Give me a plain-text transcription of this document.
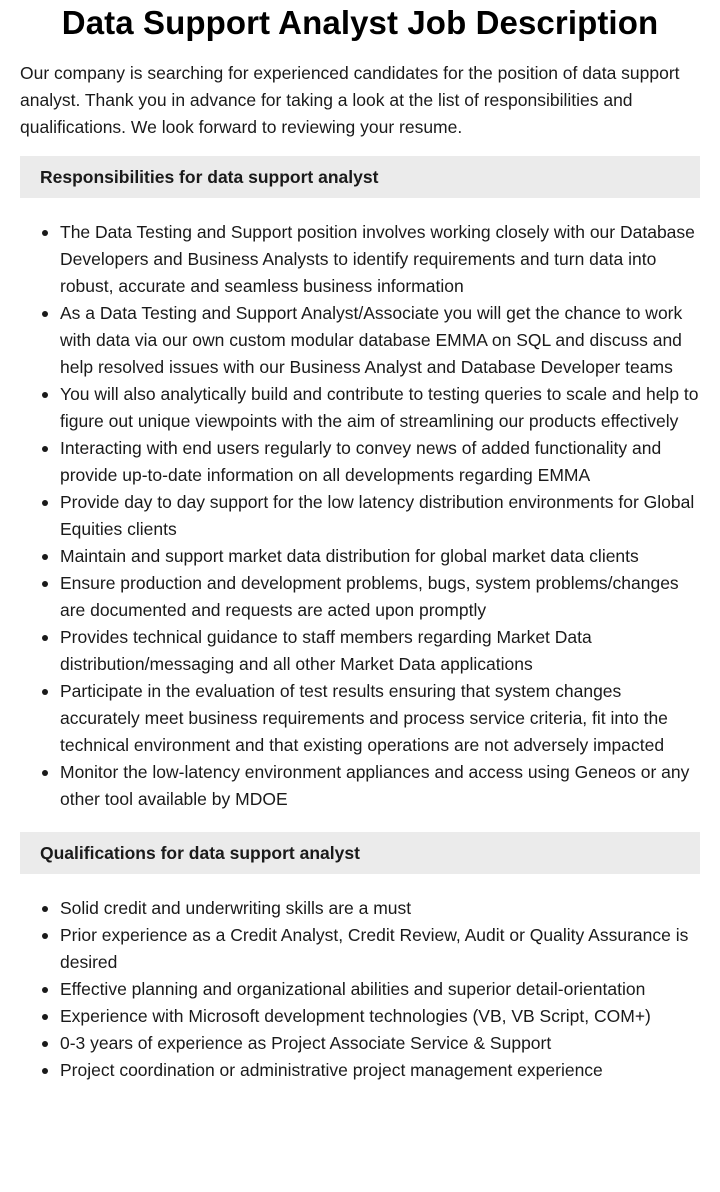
Data Support Analyst Job Description

Our company is searching for experienced candidates for the position of data support analyst. Thank you in advance for taking a look at the list of responsibilities and qualifications. We look forward to reviewing your resume.

Responsibilities for data support analyst
The Data Testing and Support position involves working closely with our Database Developers and Business Analysts to identify requirements and turn data into robust, accurate and seamless business information
As a Data Testing and Support Analyst/Associate you will get the chance to work with data via our own custom modular database EMMA on SQL and discuss and help resolved issues with our Business Analyst and Database Developer teams
You will also analytically build and contribute to testing queries to scale and help to figure out unique viewpoints with the aim of streamlining our products effectively
Interacting with end users regularly to convey news of added functionality and provide up-to-date information on all developments regarding EMMA
Provide day to day support for the low latency distribution environments for Global Equities clients
Maintain and support market data distribution for global market data clients
Ensure production and development problems, bugs, system problems/changes are documented and requests are acted upon promptly
Provides technical guidance to staff members regarding Market Data distribution/messaging and all other Market Data applications
Participate in the evaluation of test results ensuring that system changes accurately meet business requirements and process service criteria, fit into the technical environment and that existing operations are not adversely impacted
Monitor the low-latency environment appliances and access using Geneos or any other tool available by MDOE
Qualifications for data support analyst
Solid credit and underwriting skills are a must
Prior experience as a Credit Analyst, Credit Review, Audit or Quality Assurance is desired
Effective planning and organizational abilities and superior detail-orientation
Experience with Microsoft development technologies (VB, VB Script, COM+)
0-3 years of experience as Project Associate Service & Support
Project coordination or administrative project management experience
